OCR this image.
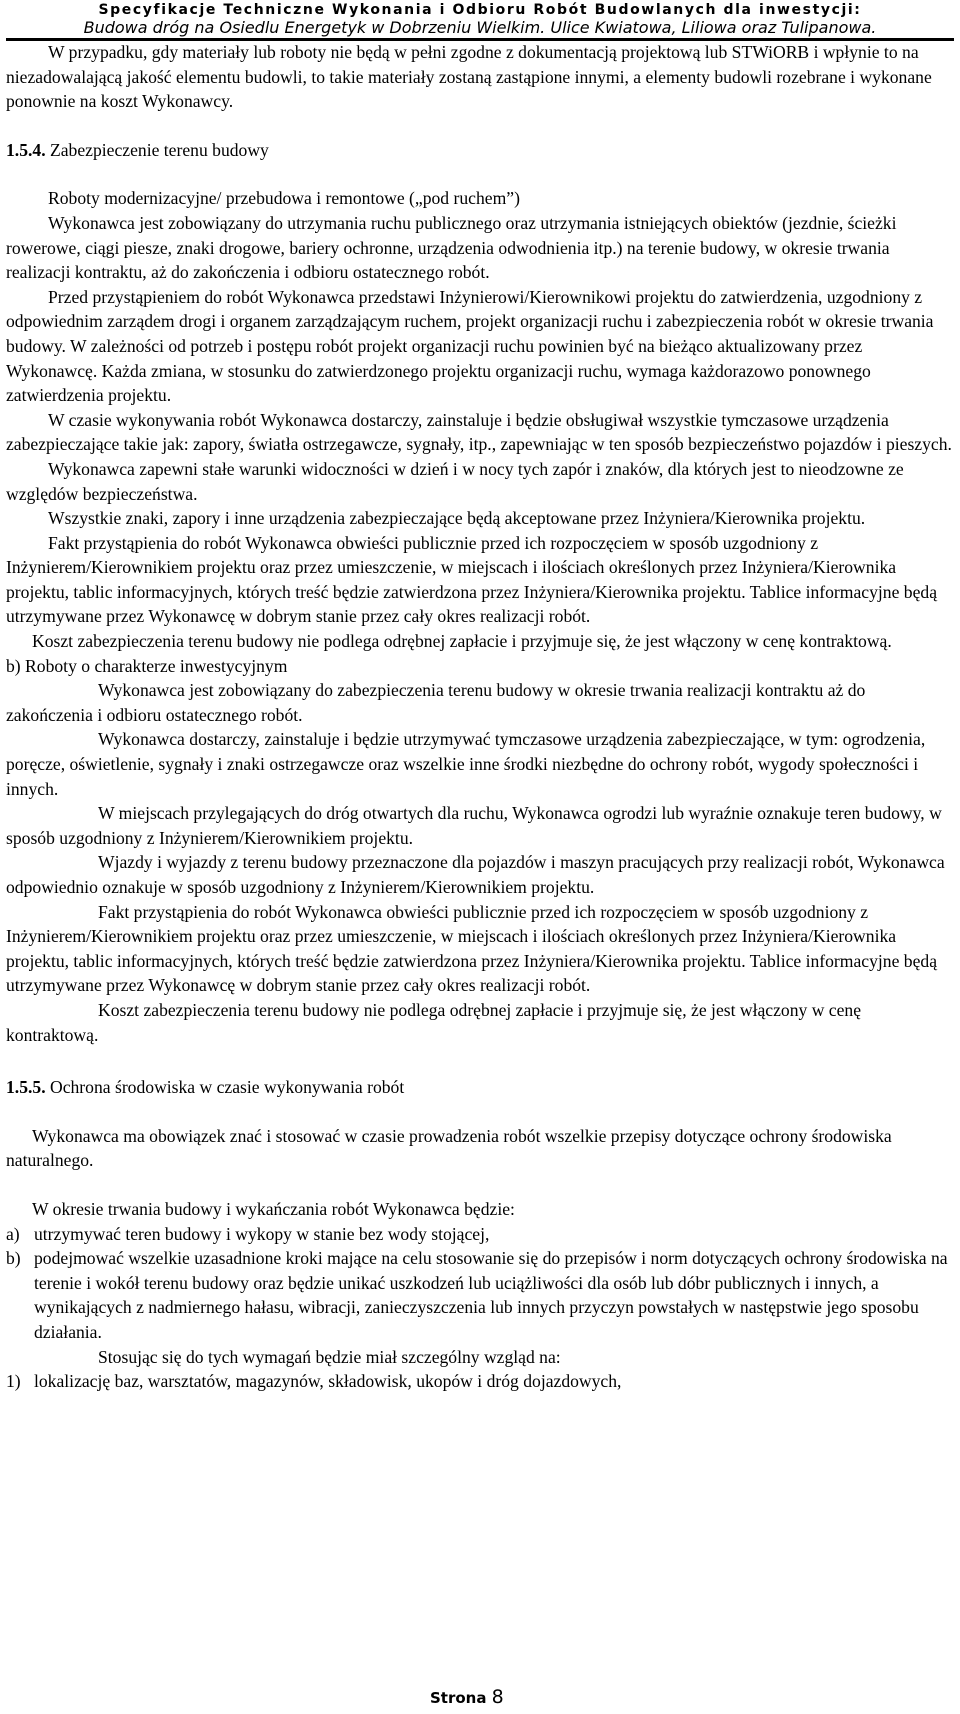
Specyfikacje Techniczne Wykonania i Odbioru Robót Budowlanych dla inwestycji:
Budowa dróg na Osiedlu Energetyk w Dobrzeniu Wielkim. Ulice Kwiatowa, Liliowa oraz Tulipanowa.

W przypadku, gdy materiały lub roboty nie będą w pełni zgodne z dokumentacją projektową lub STWiORB i wpłynie to na niezadowalającą jakość elementu budowli, to takie materiały zostaną zastąpione innymi, a elementy budowli rozebrane i wykonane ponownie na koszt Wykonawcy.

1.5.4. Zabezpieczenie terenu budowy

Roboty modernizacyjne/ przebudowa i remontowe („pod ruchem”)

Wykonawca jest zobowiązany do utrzymania ruchu publicznego oraz utrzymania istniejących obiektów (jezdnie, ścieżki rowerowe, ciągi piesze, znaki drogowe, bariery ochronne, urządzenia odwodnienia itp.) na terenie budowy, w okresie trwania realizacji kontraktu, aż do zakończenia i odbioru ostatecznego robót.

Przed przystąpieniem do robót Wykonawca przedstawi Inżynierowi/Kierownikowi projektu do zatwierdzenia, uzgodniony z odpowiednim zarządem drogi i organem zarządzającym ruchem, projekt organizacji ruchu i zabezpieczenia robót w okresie trwania budowy. W zależności od potrzeb i postępu robót projekt organizacji ruchu powinien być na bieżąco aktualizowany przez Wykonawcę. Każda zmiana, w stosunku do zatwierdzonego projektu organizacji ruchu, wymaga każdorazowo ponownego zatwierdzenia projektu.

W czasie wykonywania robót Wykonawca dostarczy, zainstaluje i będzie obsługiwał wszystkie tymczasowe urządzenia zabezpieczające takie jak: zapory, światła ostrzegawcze, sygnały, itp., zapewniając w ten sposób bezpieczeństwo pojazdów i pieszych.

Wykonawca zapewni stałe warunki widoczności w dzień i w nocy tych zapór i znaków, dla których jest to nieodzowne ze względów bezpieczeństwa.

Wszystkie znaki, zapory i inne urządzenia zabezpieczające będą akceptowane przez Inżyniera/Kierownika projektu.

Fakt przystąpienia do robót Wykonawca obwieści publicznie przed ich rozpoczęciem w sposób uzgodniony z Inżynierem/Kierownikiem projektu oraz przez umieszczenie, w miejscach i ilościach określonych przez Inżyniera/Kierownika projektu, tablic informacyjnych, których treść będzie zatwierdzona przez Inżyniera/Kierownika projektu. Tablice informacyjne będą utrzymywane przez Wykonawcę w dobrym stanie przez cały okres realizacji robót.

Koszt zabezpieczenia terenu budowy nie podlega odrębnej zapłacie i przyjmuje się, że jest włączony w cenę kontraktową.

b) Roboty o charakterze inwestycyjnym

Wykonawca jest zobowiązany do zabezpieczenia terenu budowy w okresie trwania realizacji kontraktu aż do zakończenia i odbioru ostatecznego robót.

Wykonawca dostarczy, zainstaluje i będzie utrzymywać tymczasowe urządzenia zabezpieczające, w tym: ogrodzenia, poręcze, oświetlenie, sygnały i znaki ostrzegawcze oraz wszelkie inne środki niezbędne do ochrony robót, wygody społeczności i innych.

W miejscach przylegających do dróg otwartych dla ruchu, Wykonawca ogrodzi lub wyraźnie oznakuje teren budowy, w sposób uzgodniony z Inżynierem/Kierownikiem projektu.

Wjazdy i wyjazdy z terenu budowy przeznaczone dla pojazdów i maszyn pracujących przy realizacji robót, Wykonawca odpowiednio oznakuje w sposób uzgodniony z Inżynierem/Kierownikiem projektu.

Fakt przystąpienia do robót Wykonawca obwieści publicznie przed ich rozpoczęciem w sposób uzgodniony z Inżynierem/Kierownikiem projektu oraz przez umieszczenie, w miejscach i ilościach określonych przez Inżyniera/Kierownika projektu, tablic informacyjnych, których treść będzie zatwierdzona przez Inżyniera/Kierownika projektu. Tablice informacyjne będą utrzymywane przez Wykonawcę w dobrym stanie przez cały okres realizacji robót.

Koszt zabezpieczenia terenu budowy nie podlega odrębnej zapłacie i przyjmuje się, że jest włączony w cenę kontraktową.

1.5.5. Ochrona środowiska w czasie wykonywania robót

Wykonawca ma obowiązek znać i stosować w czasie prowadzenia robót wszelkie przepisy dotyczące ochrony środowiska naturalnego.

W okresie trwania budowy i wykańczania robót Wykonawca będzie:

a) utrzymywać teren budowy i wykopy w stanie bez wody stojącej,
b) podejmować wszelkie uzasadnione kroki mające na celu stosowanie się do przepisów i norm dotyczących ochrony środowiska na terenie i wokół terenu budowy oraz będzie unikać uszkodzeń lub uciążliwości dla osób lub dóbr publicznych i innych, a wynikających z nadmiernego hałasu, wibracji, zanieczyszczenia lub innych przyczyn powstałych w następstwie jego sposobu działania.

Stosując się do tych wymagań będzie miał szczególny wzgląd na:

1) lokalizację baz, warsztatów, magazynów, składowisk, ukopów i dróg dojazdowych,
Strona 8
